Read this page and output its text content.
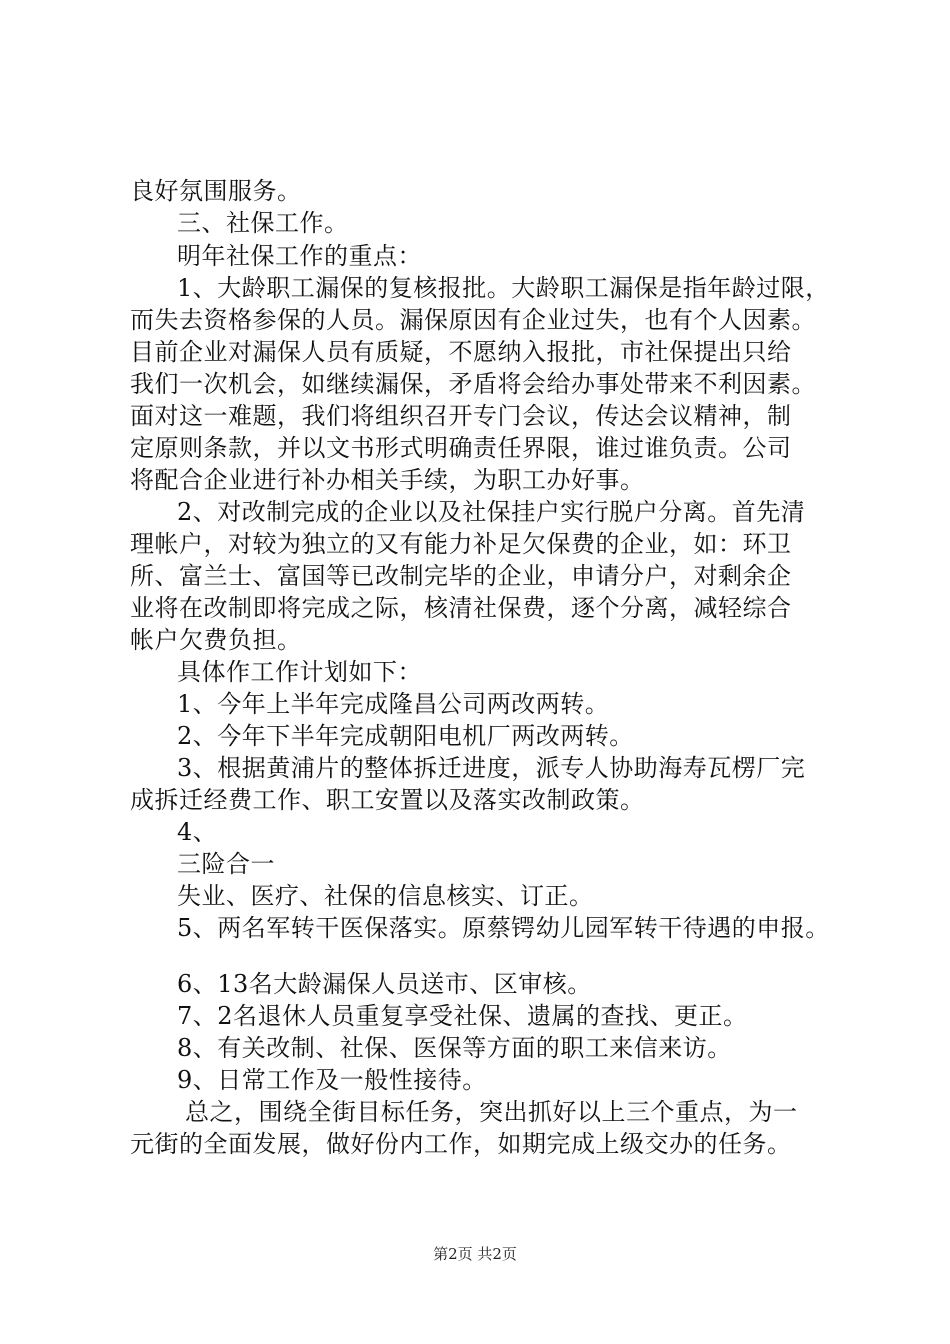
良好氛围服务。
三、社保工作。
明年社保工作的重点：
1、大龄职工漏保的复核报批。大龄职工漏保是指年龄过限，
而失去资格参保的人员。漏保原因有企业过失，也有个人因素。
目前企业对漏保人员有质疑，不愿纳入报批，市社保提出只给
我们一次机会，如继续漏保，矛盾将会给办事处带来不利因素。
面对这一难题，我们将组织召开专门会议，传达会议精神，制
定原则条款，并以文书形式明确责任界限，谁过谁负责。公司
将配合企业进行补办相关手续，为职工办好事。
2、对改制完成的企业以及社保挂户实行脱户分离。首先清
理帐户，对较为独立的又有能力补足欠保费的企业，如：环卫
所、富兰士、富国等已改制完毕的企业，申请分户，对剩余企
业将在改制即将完成之际，核清社保费，逐个分离，减轻综合
帐户欠费负担。
具体作工作计划如下：
1、今年上半年完成隆昌公司两改两转。
2、今年下半年完成朝阳电机厂两改两转。
3、根据黄浦片的整体拆迁进度，派专人协助海寿瓦楞厂完
成拆迁经费工作、职工安置以及落实改制政策。
4、
三险合一
失业、医疗、社保的信息核实、订正。
5、两名军转干医保落实。原蔡锷幼儿园军转干待遇的申报。
6、13名大龄漏保人员送市、区审核。
7、2名退休人员重复享受社保、遗属的查找、更正。
8、有关改制、社保、医保等方面的职工来信来访。
9、日常工作及一般性接待。
总之，围绕全街目标任务，突出抓好以上三个重点，为一
元街的全面发展，做好份内工作，如期完成上级交办的任务。
第2页 共2页
